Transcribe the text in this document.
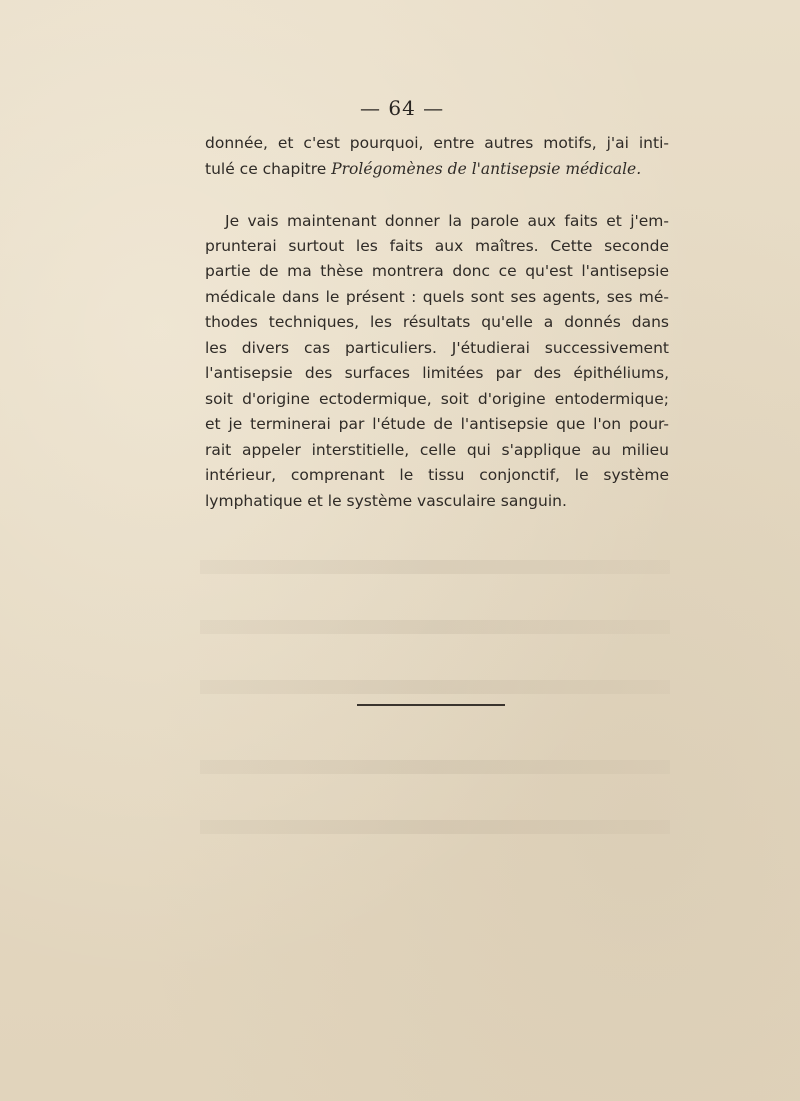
— 64 —
donnée, et c'est pourquoi, entre autres motifs, j'ai inti-
tulé ce chapitre Prolégomènes de l'antisepsie médicale.
Je vais maintenant donner la parole aux faits et j'em-
prunterai surtout les faits aux maîtres. Cette seconde
partie de ma thèse montrera donc ce qu'est l'antisepsie
médicale dans le présent : quels sont ses agents, ses mé-
thodes techniques, les résultats qu'elle a donnés dans
les divers cas particuliers. J'étudierai successivement
l'antisepsie des surfaces limitées par des épithéliums,
soit d'origine ectodermique, soit d'origine entodermique;
et je terminerai par l'étude de l'antisepsie que l'on pour-
rait appeler interstitielle, celle qui s'applique au milieu
intérieur, comprenant le tissu conjonctif, le système
lymphatique et le système vasculaire sanguin.
